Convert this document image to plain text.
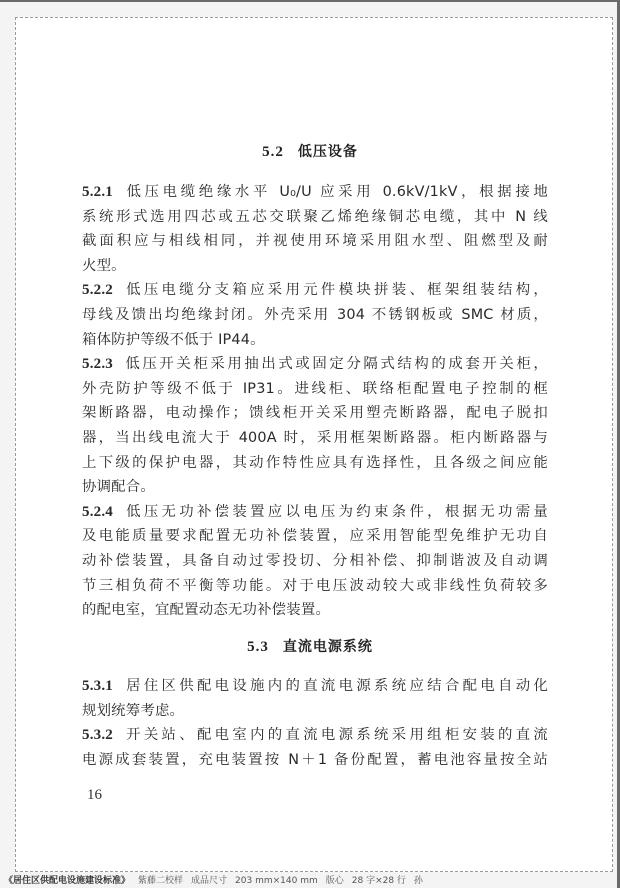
5.2 低压设备
5.2.1 低压电缆绝缘水平 U₀/U 应采用 0.6kV/1kV，根据接地
系统形式选用四芯或五芯交联聚乙烯绝缘铜芯电缆，其中 N 线
截面积应与相线相同，并视使用环境采用阻水型、阻燃型及耐
火型。
5.2.2 低压电缆分支箱应采用元件模块拼装、框架组装结构，
母线及馈出均绝缘封闭。外壳采用 304 不锈钢板或 SMC 材质，
箱体防护等级不低于 IP44。
5.2.3 低压开关柜采用抽出式或固定分隔式结构的成套开关柜，
外壳防护等级不低于 IP31。进线柜、联络柜配置电子控制的框
架断路器，电动操作；馈线柜开关采用塑壳断路器，配电子脱扣
器，当出线电流大于 400A 时，采用框架断路器。柜内断路器与
上下级的保护电器，其动作特性应具有选择性，且各级之间应能
协调配合。
5.2.4 低压无功补偿装置应以电压为约束条件，根据无功需量
及电能质量要求配置无功补偿装置，应采用智能型免维护无功自
动补偿装置，具备自动过零投切、分相补偿、抑制谐波及自动调
节三相负荷不平衡等功能。对于电压波动较大或非线性负荷较多
的配电室，宜配置动态无功补偿装置。
5.3 直流电源系统
5.3.1 居住区供配电设施内的直流电源系统应结合配电自动化
规划统筹考虑。
5.3.2 开关站、配电室内的直流电源系统采用组柜安装的直流
电源成套装置，充电装置按 N＋1 备份配置，蓄电池容量按全站
16
《居住区供配电设施建设标准》 紫藤二校样 成品尺寸 203 mm×140 mm 版心 28 字×28 行 孙
